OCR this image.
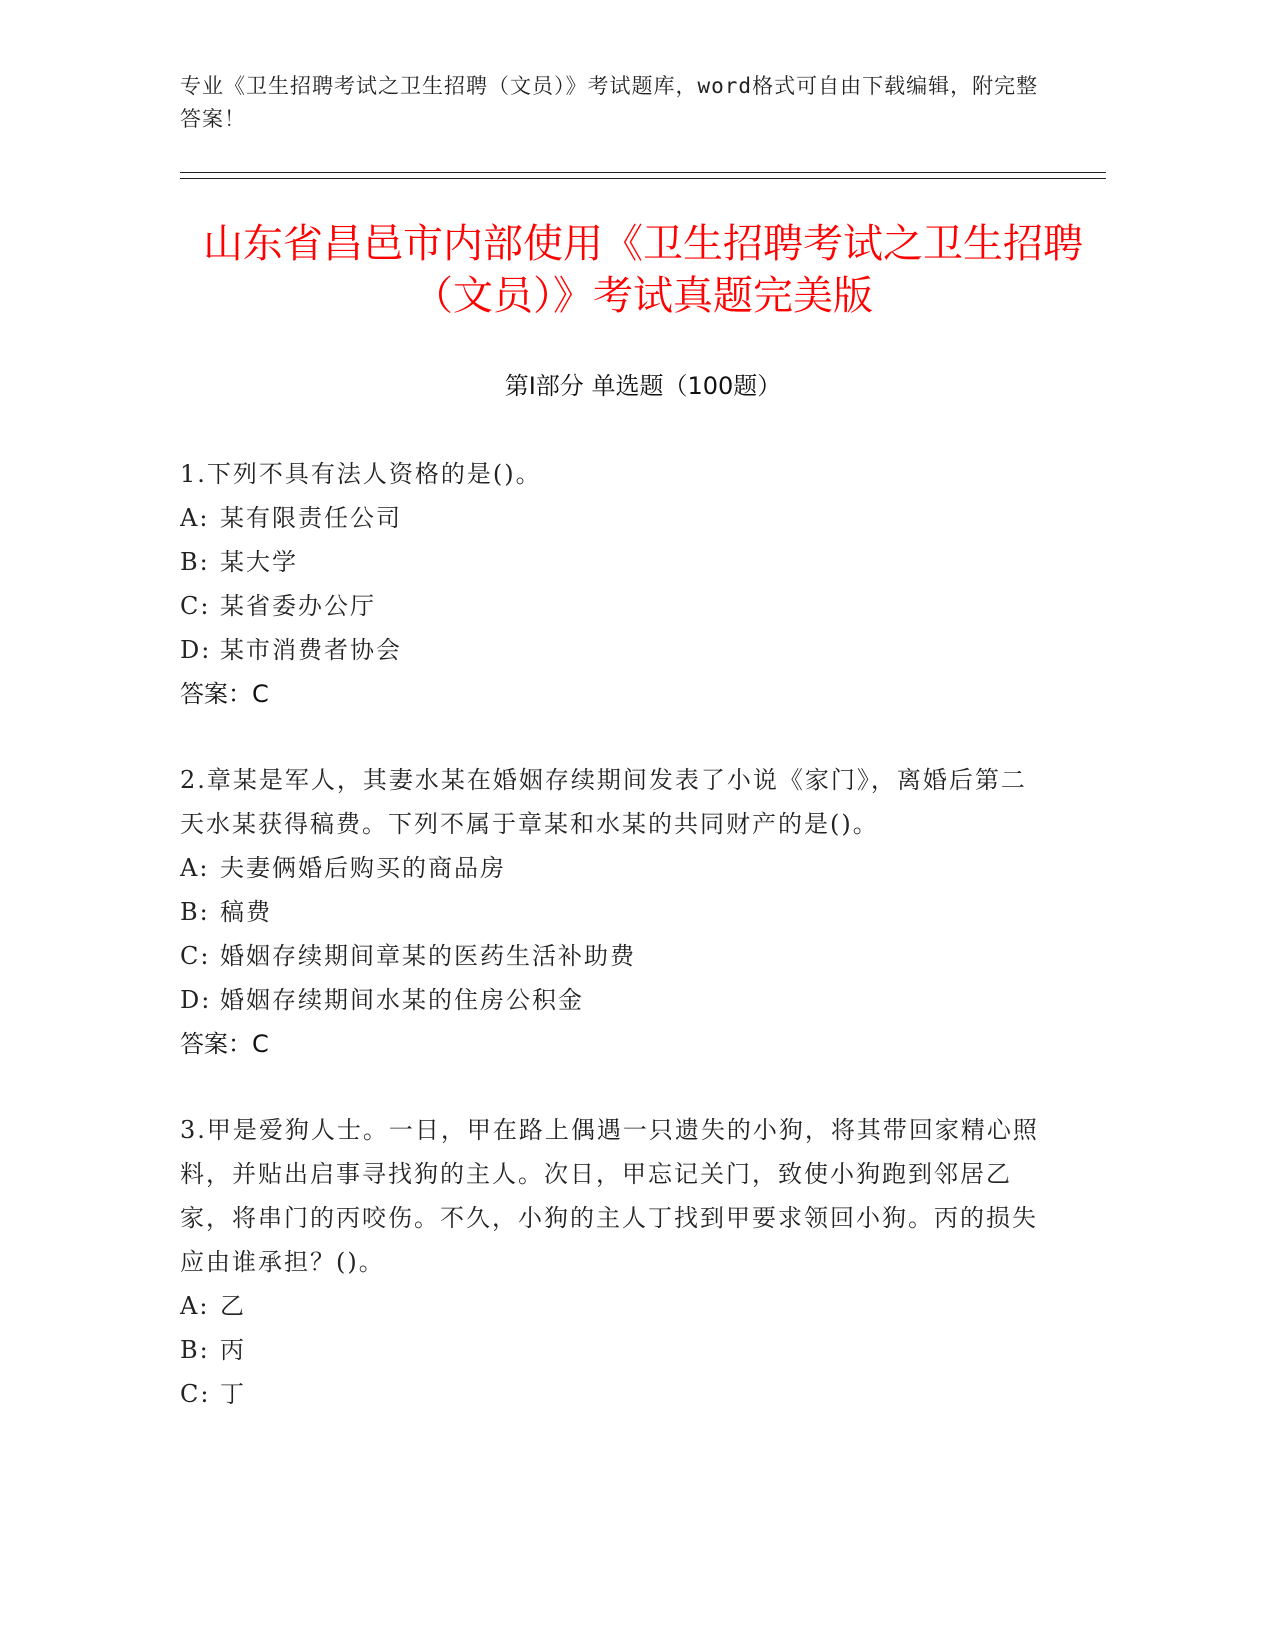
专业《卫生招聘考试之卫生招聘（文员）》考试题库，word格式可自由下载编辑，附完整答案！
山东省昌邑市内部使用《卫生招聘考试之卫生招聘（文员）》考试真题完美版
第I部分 单选题（100题）
1.下列不具有法人资格的是()。
A: 某有限责任公司
B: 某大学
C: 某省委办公厅
D: 某市消费者协会
答案：C
2.章某是军人，其妻水某在婚姻存续期间发表了小说《家门》，离婚后第二天水某获得稿费。下列不属于章某和水某的共同财产的是()。
A: 夫妻俩婚后购买的商品房
B: 稿费
C: 婚姻存续期间章某的医药生活补助费
D: 婚姻存续期间水某的住房公积金
答案：C
3.甲是爱狗人士。一日，甲在路上偶遇一只遗失的小狗，将其带回家精心照料，并贴出启事寻找狗的主人。次日，甲忘记关门，致使小狗跑到邻居乙家，将串门的丙咬伤。不久，小狗的主人丁找到甲要求领回小狗。丙的损失应由谁承担？()。
A: 乙
B: 丙
C: 丁
